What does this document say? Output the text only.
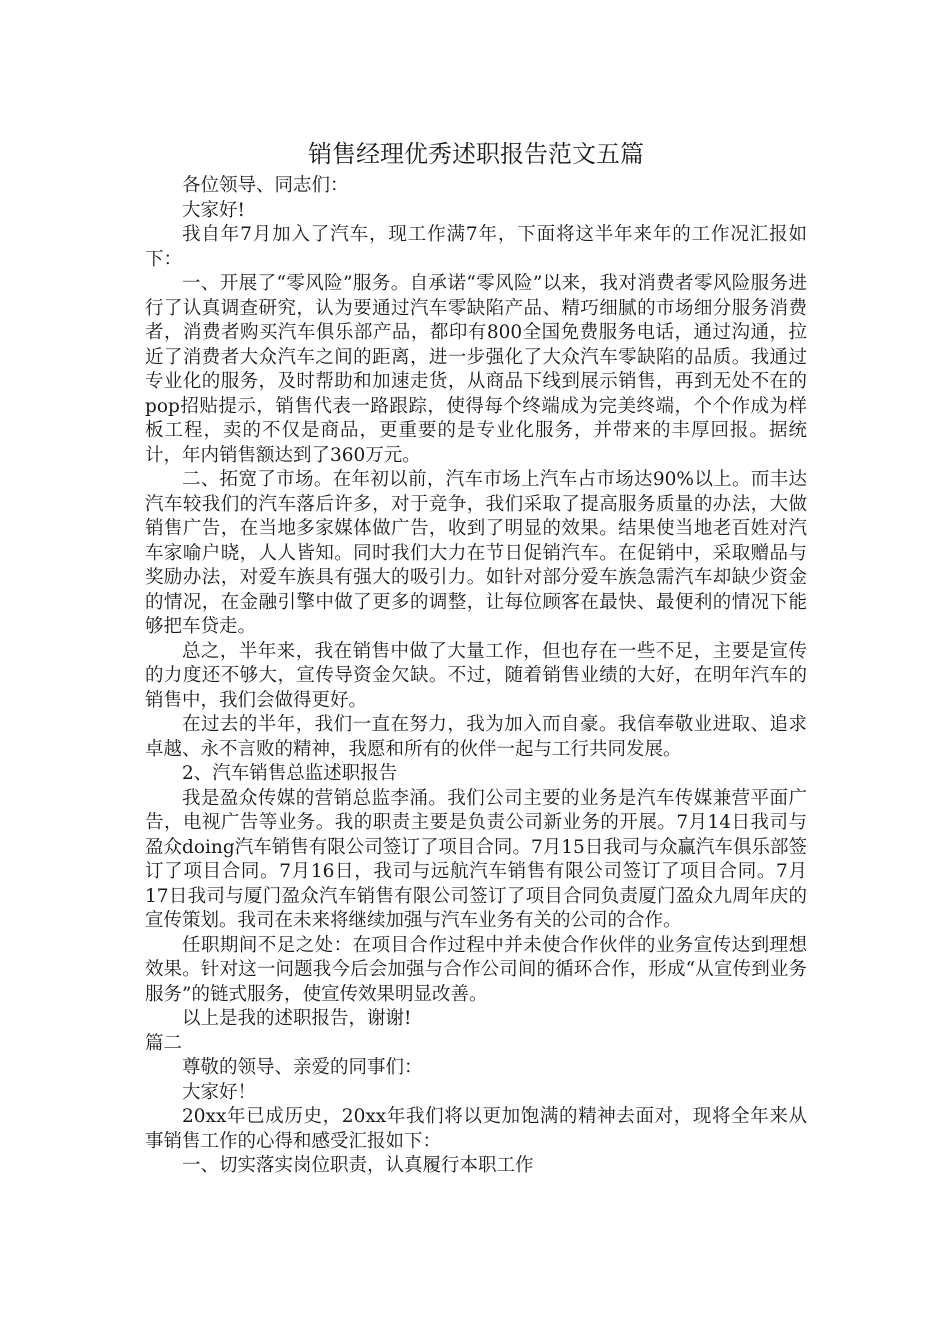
销售经理优秀述职报告范文五篇

各位领导、同志们：

大家好!

我自年7月加入了汽车，现工作满7年，下面将这半年来年的工作况汇报如下：

一、开展了“零风险”服务。自承诺“零风险”以来，我对消费者零风险服务进行了认真调查研究，认为要通过汽车零缺陷产品、精巧细腻的市场细分服务消费者，消费者购买汽车俱乐部产品，都印有800全国免费服务电话，通过沟通，拉近了消费者大众汽车之间的距离，进一步强化了大众汽车零缺陷的品质。我通过专业化的服务，及时帮助和加速走货，从商品下线到展示销售，再到无处不在的pop招贴提示，销售代表一路跟踪，使得每个终端成为完美终端，个个作成为样板工程，卖的不仅是商品，更重要的是专业化服务，并带来的丰厚回报。据统计，年内销售额达到了360万元。

二、拓宽了市场。在年初以前，汽车市场上汽车占市场达90%以上。而丰达汽车较我们的汽车落后许多，对于竞争，我们采取了提高服务质量的办法，大做销售广告，在当地多家媒体做广告，收到了明显的效果。结果使当地老百姓对汽车家喻户晓，人人皆知。同时我们大力在节日促销汽车。在促销中，采取赠品与奖励办法，对爱车族具有强大的吸引力。如针对部分爱车族急需汽车却缺少资金的情况，在金融引擎中做了更多的调整，让每位顾客在最快、最便利的情况下能够把车贷走。

总之，半年来，我在销售中做了大量工作，但也存在一些不足，主要是宣传的力度还不够大，宣传导资金欠缺。不过，随着销售业绩的大好，在明年汽车的销售中，我们会做得更好。

在过去的半年，我们一直在努力，我为加入而自豪。我信奉敬业进取、追求卓越、永不言败的精神，我愿和所有的伙伴一起与工行共同发展。

2、汽车销售总监述职报告

我是盈众传媒的营销总监李涌。我们公司主要的业务是汽车传媒兼营平面广告，电视广告等业务。我的职责主要是负责公司新业务的开展。7月14日我司与盈众doing汽车销售有限公司签订了项目合同。7月15日我司与众赢汽车俱乐部签订了项目合同。7月16日，我司与远航汽车销售有限公司签订了项目合同。7月17日我司与厦门盈众汽车销售有限公司签订了项目合同负责厦门盈众九周年庆的宣传策划。我司在未来将继续加强与汽车业务有关的公司的合作。

任职期间不足之处：在项目合作过程中并未使合作伙伴的业务宣传达到理想效果。针对这一问题我今后会加强与合作公司间的循环合作，形成“从宣传到业务服务”的链式服务，使宣传效果明显改善。

以上是我的述职报告，谢谢!

篇二

尊敬的领导、亲爱的同事们：

大家好！

20xx年已成历史，20xx年我们将以更加饱满的精神去面对，现将全年来从事销售工作的心得和感受汇报如下：

一、切实落实岗位职责，认真履行本职工作
